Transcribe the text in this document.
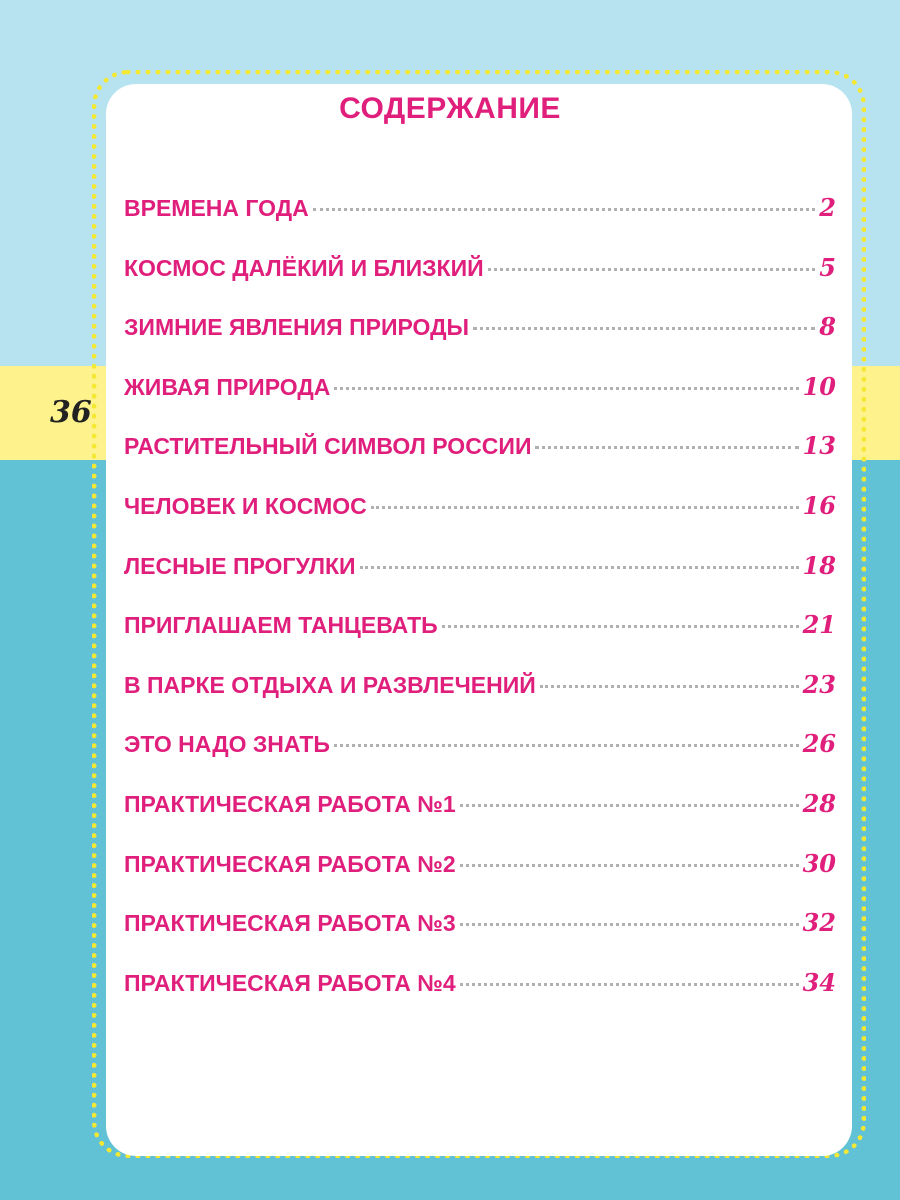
36
СОДЕРЖАНИЕ
ВРЕМЕНА ГОДА	2
КОСМОС ДАЛЁКИЙ И БЛИЗКИЙ	5
ЗИМНИЕ ЯВЛЕНИЯ ПРИРОДЫ	8
ЖИВАЯ ПРИРОДА	10
РАСТИТЕЛЬНЫЙ СИМВОЛ РОССИИ	13
ЧЕЛОВЕК И КОСМОС	16
ЛЕСНЫЕ ПРОГУЛКИ	18
ПРИГЛАШАЕМ ТАНЦЕВАТЬ	21
В ПАРКЕ ОТДЫХА И РАЗВЛЕЧЕНИЙ	23
ЭТО НАДО ЗНАТЬ	26
ПРАКТИЧЕСКАЯ РАБОТА №1	28
ПРАКТИЧЕСКАЯ РАБОТА №2	30
ПРАКТИЧЕСКАЯ РАБОТА №3	32
ПРАКТИЧЕСКАЯ РАБОТА №4	34
